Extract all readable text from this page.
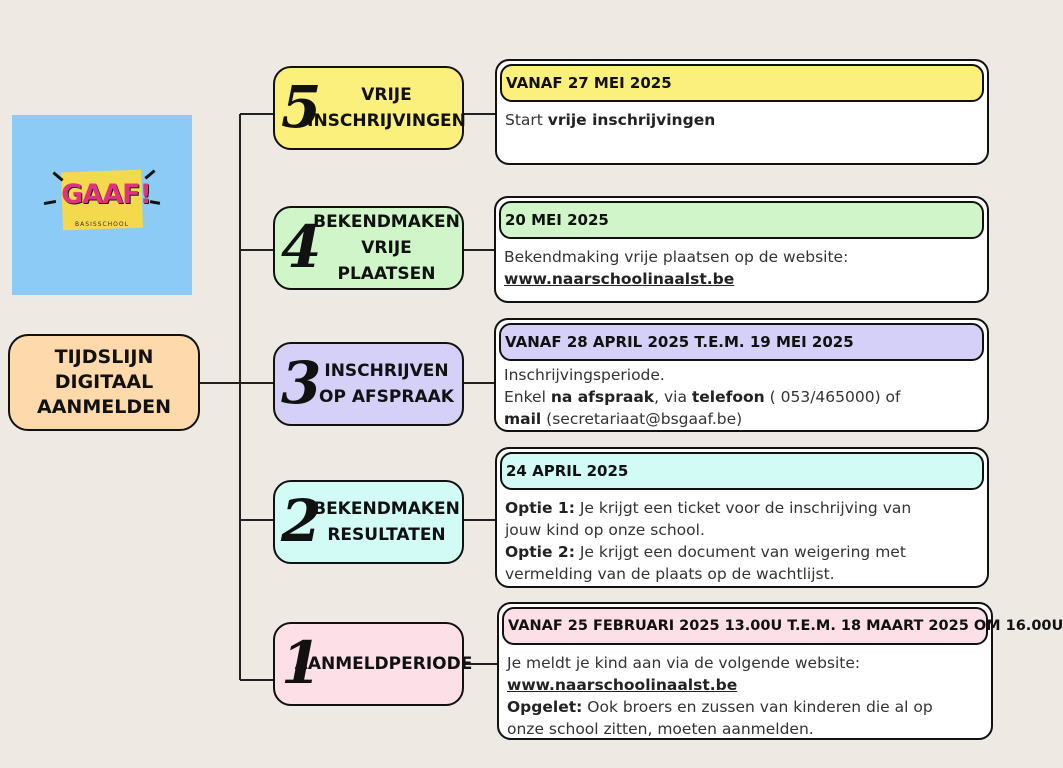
GAAF!
BASISSCHOOL
TIJDSLIJN DIGITAAL AANMELDEN
5	VRIJE INSCHRIJVINGEN
4
BEKENDMAKEN VRIJE PLAATSEN
3 INSCHRIJVEN OP AFSPRAAK
2
BEKENDMAKEN RESULTATEN
1
AANMELDPERIODE
VANAF 27 MEI 2025

Start vrije inschrijvingen

20 MEI 2025

Bekendmaking vrije plaatsen op de website:

www.naarschoolinaalst.be

VANAF 28 APRIL 2025 T.E.M. 19 MEI 2025

Inschrijvingsperiode.

Enkel na afspraak, via telefoon ( 053/465000) of

mail (secretariaat@bsgaaf.be)

24 APRIL 2025

Optie 1: Je krijgt een ticket voor de inschrijving van

jouw kind op onze school.

Optie 2: Je krijgt een document van weigering met

vermelding van de plaats op de wachtlijst.

VANAF 25 FEBRUARI 2025 13.00U T.E.M. 18 MAART 2025 OM 16.00U

Je meldt je kind aan via de volgende website:

www.naarschoolinaalst.be

Opgelet: Ook broers en zussen van kinderen die al op

onze school zitten, moeten aanmelden.
